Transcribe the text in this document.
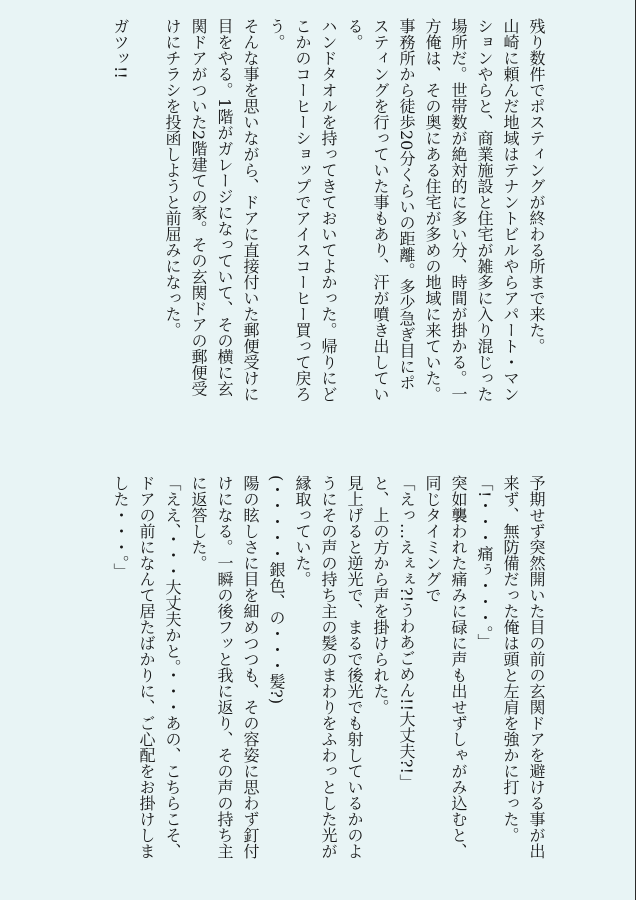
残り数件でポスティングが終わる所まで来た。

山崎に頼んだ地域はテナントビルやらアパート・マン

ションやらと、商業施設と住宅が雑多に入り混じった

場所だ。世帯数が絶対的に多い分、時間が掛かる。一

方俺は、その奥にある住宅が多めの地域に来ていた。

事務所から徒歩20分くらいの距離。多少急ぎ目にポ

スティングを行っていた事もあり、汗が噴き出してい

る。

ハンドタオルを持ってきておいてよかった。帰りにど

こかのコーヒーショップでアイスコーヒー買って戻ろ

う。

そんな事を思いながら、ドアに直接付いた郵便受けに

目をやる。1階がガレージになっていて、その横に玄

関ドアがついた2階建ての家。その玄関ドアの郵便受

けにチラシを投函しようと前屈みになった。

ガツッ!!

予期せず突然開いた目の前の玄関ドアを避ける事が出

来ず、無防備だった俺は頭と左肩を強かに打った。

「!・・・痛ぅ・・・。」

突如襲われた痛みに碌に声も出せずしゃがみ込むと、

同じタイミングで

「えっ…えぇぇ?!うわあごめん!!大丈夫?!」

と、上の方から声を掛けられた。

見上げると逆光で、まるで後光でも射しているかのよ

うにその声の持ち主の髪のまわりをふわっとした光が

縁取っていた。

(・・・・・銀色、の・・・髪?)

陽の眩しさに目を細めつつも、その容姿に思わず釘付

けになる。一瞬の後フッと我に返り、その声の持ち主

に返答した。

「ええ、・・・大丈夫かと。・・・あの、こちらこそ、

ドアの前になんて居たばかりに、ご心配をお掛けしま

した・・・。」
